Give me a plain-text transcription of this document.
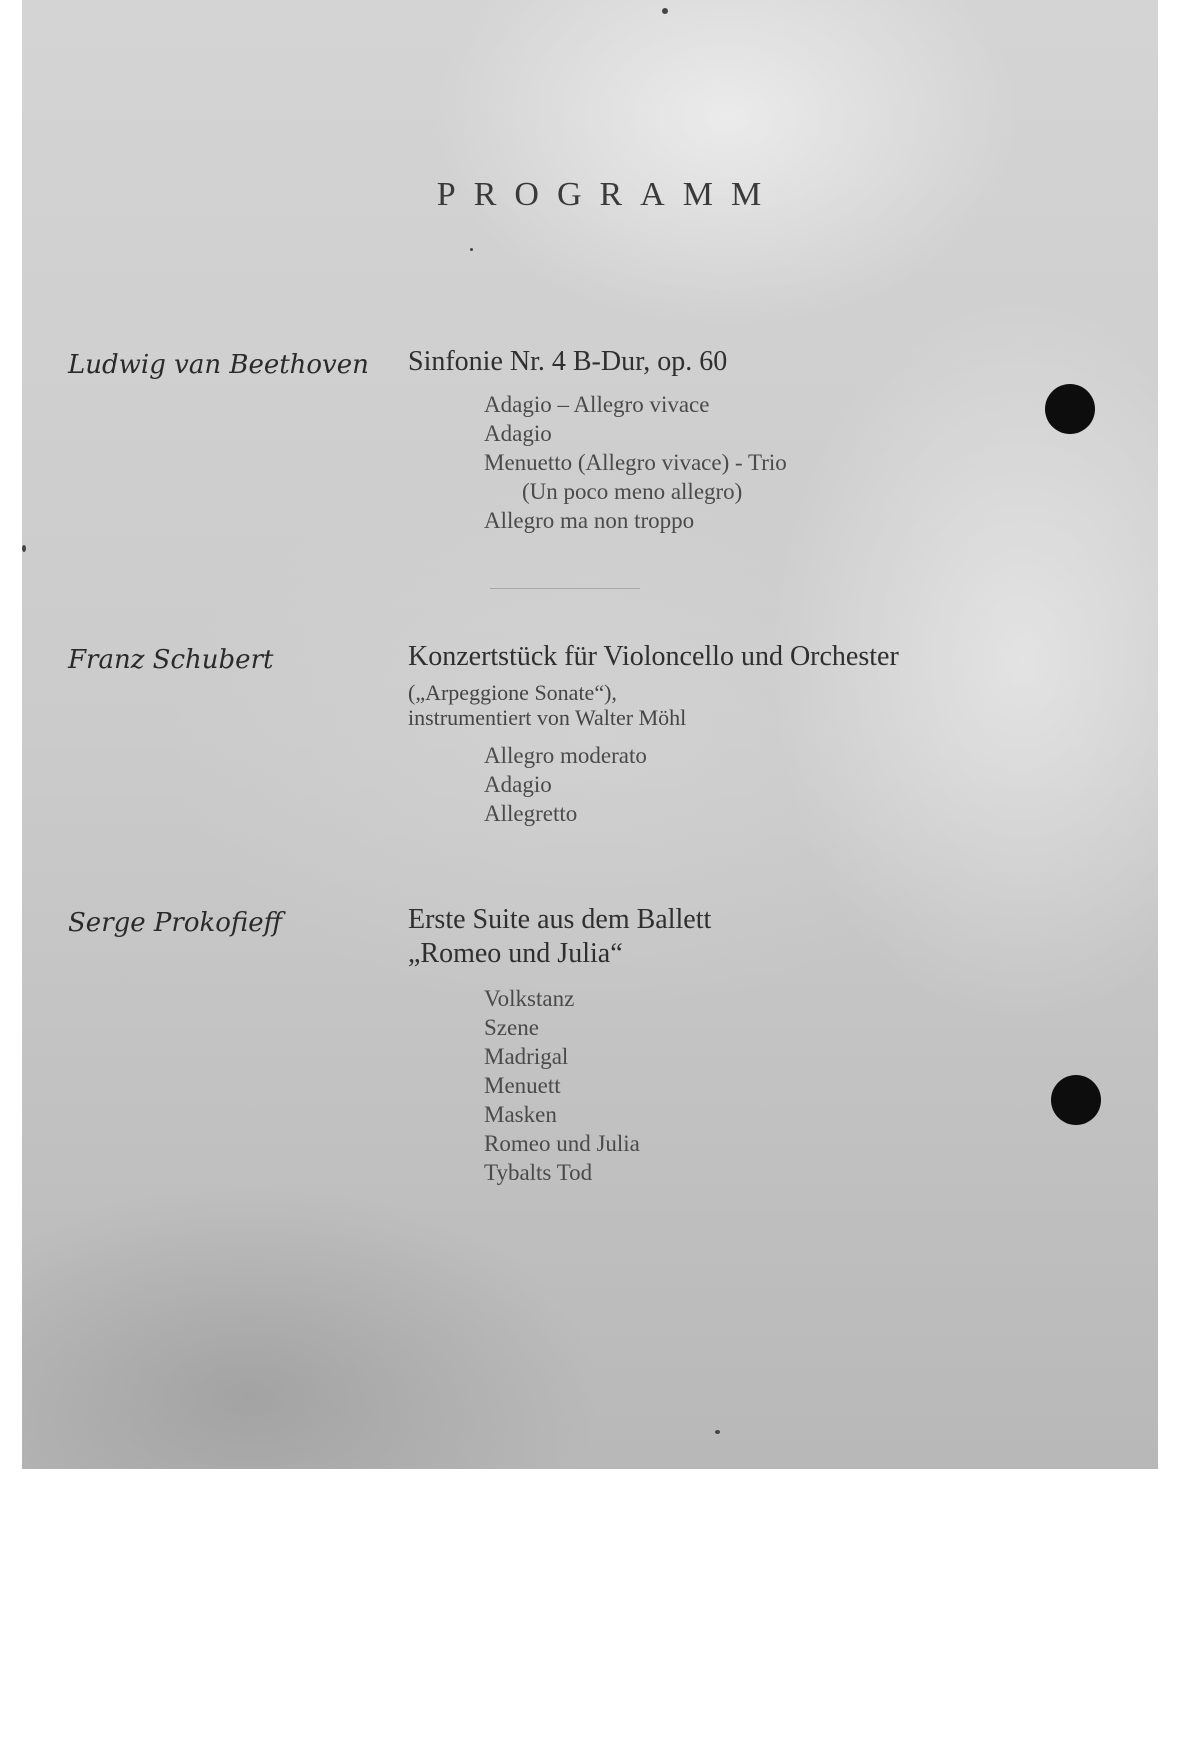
PROGRAMM
Ludwig van Beethoven Sinfonie Nr. 4 B-Dur, op. 60
Adagio – Allegro vivace
Adagio
Menuetto (Allegro vivace) - Trio
(Un poco meno allegro)
Allegro ma non troppo
Franz Schubert	Konzertstück für Violoncello und Orchester
(„Arpeggione Sonate“),
instrumentiert von Walter Möhl
Allegro moderato
Adagio
Allegretto
Serge Prokofieff	Erste Suite aus dem Ballett
„Romeo und Julia“
Volkstanz
Szene
Madrigal
Menuett
Masken
Romeo und Julia
Tybalts Tod
